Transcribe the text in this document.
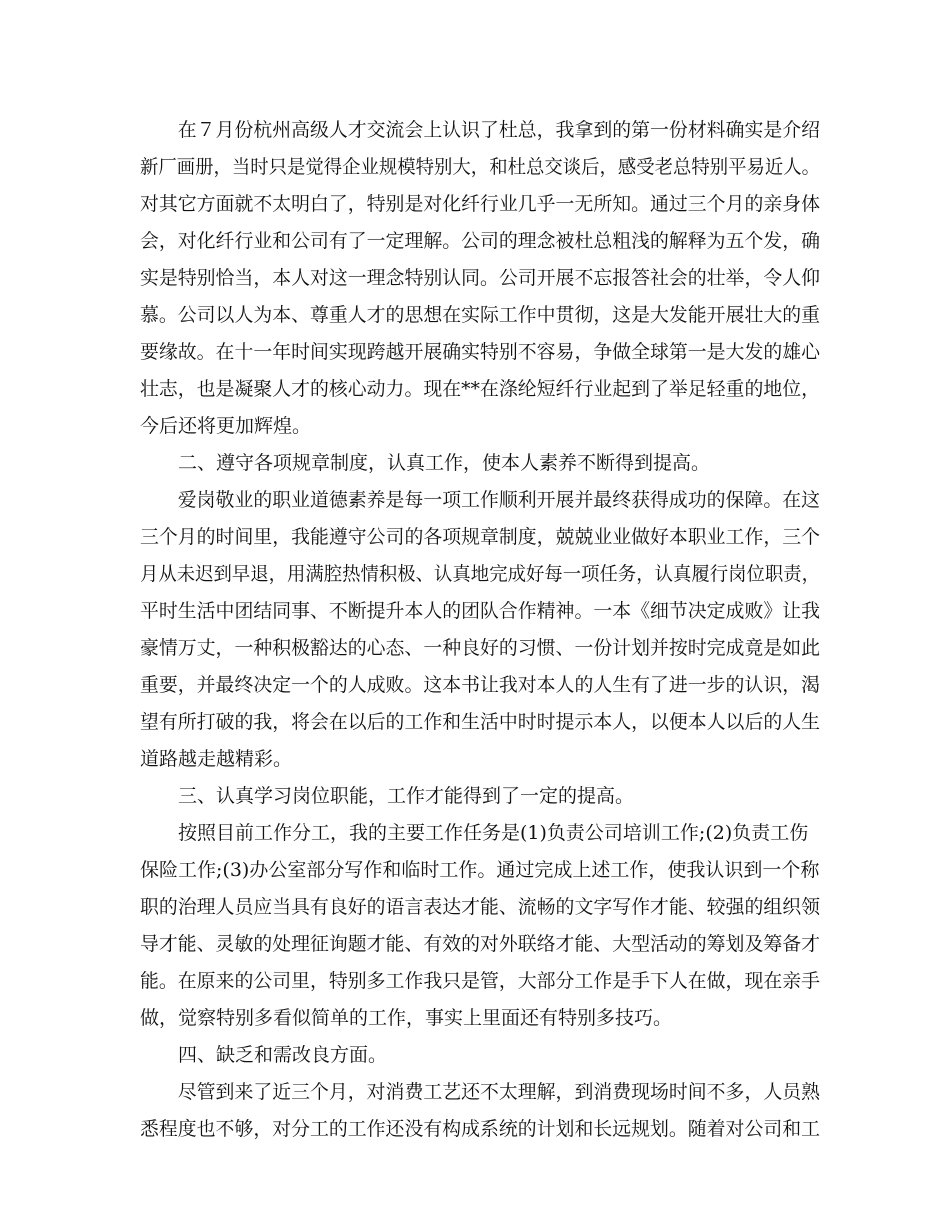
在７月份杭州高级人才交流会上认识了杜总，我拿到的第一份材料确实是介绍
新厂画册，当时只是觉得企业规模特别大，和杜总交谈后，感受老总特别平易近人。
对其它方面就不太明白了，特别是对化纤行业几乎一无所知。通过三个月的亲身体
会，对化纤行业和公司有了一定理解。公司的理念被杜总粗浅的解释为五个发，确
实是特别恰当，本人对这一理念特别认同。公司开展不忘报答社会的壮举，令人仰
慕。公司以人为本、尊重人才的思想在实际工作中贯彻，这是大发能开展壮大的重
要缘故。在十一年时间实现跨越开展确实特别不容易，争做全球第一是大发的雄心
壮志，也是凝聚人才的核心动力。现在**在涤纶短纤行业起到了举足轻重的地位，
今后还将更加辉煌。
二、遵守各项规章制度，认真工作，使本人素养不断得到提高。
爱岗敬业的职业道德素养是每一项工作顺利开展并最终获得成功的保障。在这
三个月的时间里，我能遵守公司的各项规章制度，兢兢业业做好本职业工作，三个
月从未迟到早退，用满腔热情积极、认真地完成好每一项任务，认真履行岗位职责，
平时生活中团结同事、不断提升本人的团队合作精神。一本《细节决定成败》让我
豪情万丈，一种积极豁达的心态、一种良好的习惯、一份计划并按时完成竟是如此
重要，并最终决定一个的人成败。这本书让我对本人的人生有了进一步的认识，渴
望有所打破的我，将会在以后的工作和生活中时时提示本人，以便本人以后的人生
道路越走越精彩。
三、认真学习岗位职能，工作才能得到了一定的提高。
按照目前工作分工，我的主要工作任务是(1)负责公司培训工作;(2)负责工伤
保险工作;(3)办公室部分写作和临时工作。通过完成上述工作，使我认识到一个称
职的治理人员应当具有良好的语言表达才能、流畅的文字写作才能、较强的组织领
导才能、灵敏的处理征询题才能、有效的对外联络才能、大型活动的筹划及筹备才
能。在原来的公司里，特别多工作我只是管，大部分工作是手下人在做，现在亲手
做，觉察特别多看似简单的工作，事实上里面还有特别多技巧。
四、缺乏和需改良方面。
尽管到来了近三个月，对消费工艺还不太理解，到消费现场时间不多，人员熟
悉程度也不够，对分工的工作还没有构成系统的计划和长远规划。随着对公司和工
